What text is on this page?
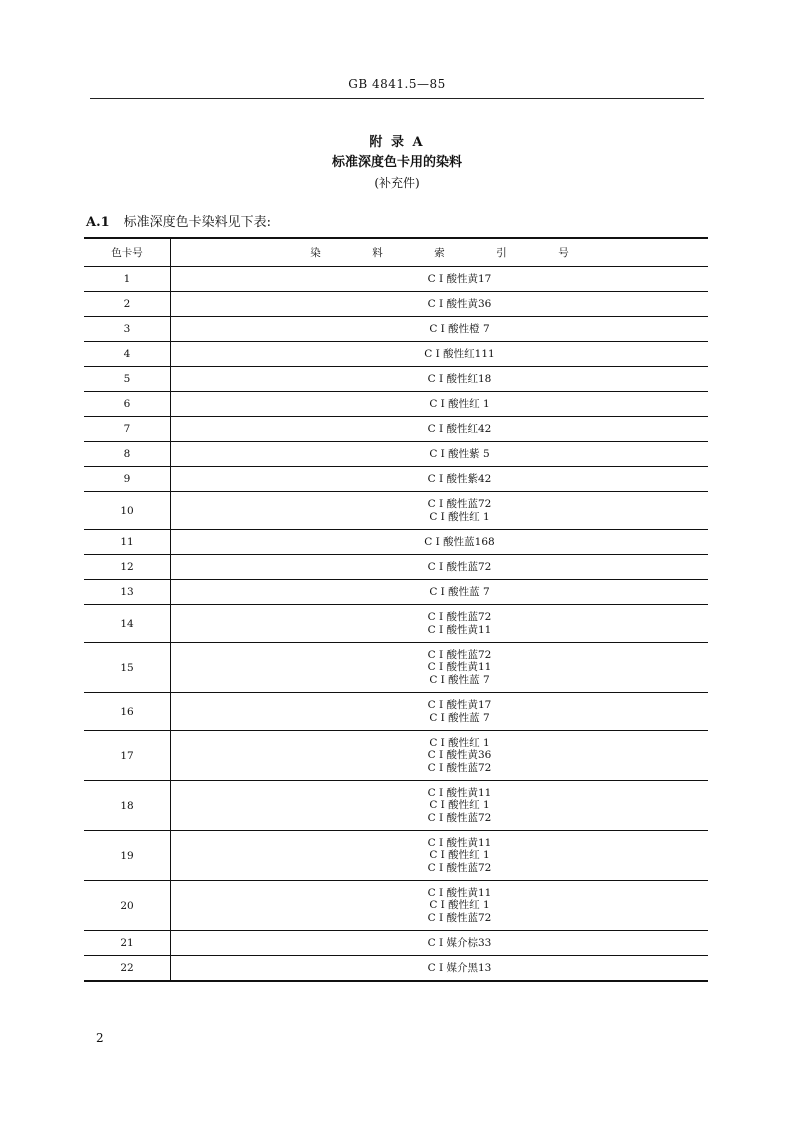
GB 4841.5—85
附 录 A
标准深度色卡用的染料
(补充件)
A.1 标准深度色卡染料见下表:
色卡号	染 料 索 引 号
1	C I 酸性黄17

2	C I 酸性黄36

3	C I 酸性橙 7

4	C I 酸性红111

5	C I 酸性红18

6	C I 酸性红 1

7	C I 酸性红42

8	C I 酸性紫 5

9	C I 酸性紫42

10	C I 酸性蓝72
C I 酸性红 1

11	C I 酸性蓝168

12	C I 酸性蓝72

13	C I 酸性蓝 7

14	C I 酸性蓝72
C I 酸性黄11

15	C I 酸性蓝72
C I 酸性黄11
C I 酸性蓝 7

16	C I 酸性黄17
C I 酸性蓝 7

17	C I 酸性红 1
C I 酸性黄36
C I 酸性蓝72

18	C I 酸性黄11
C I 酸性红 1
C I 酸性蓝72

19	C I 酸性黄11
C I 酸性红 1
C I 酸性蓝72

20	C I 酸性黄11
C I 酸性红 1
C I 酸性蓝72

21	C I 媒介棕33

22	C I 媒介黑13
2
